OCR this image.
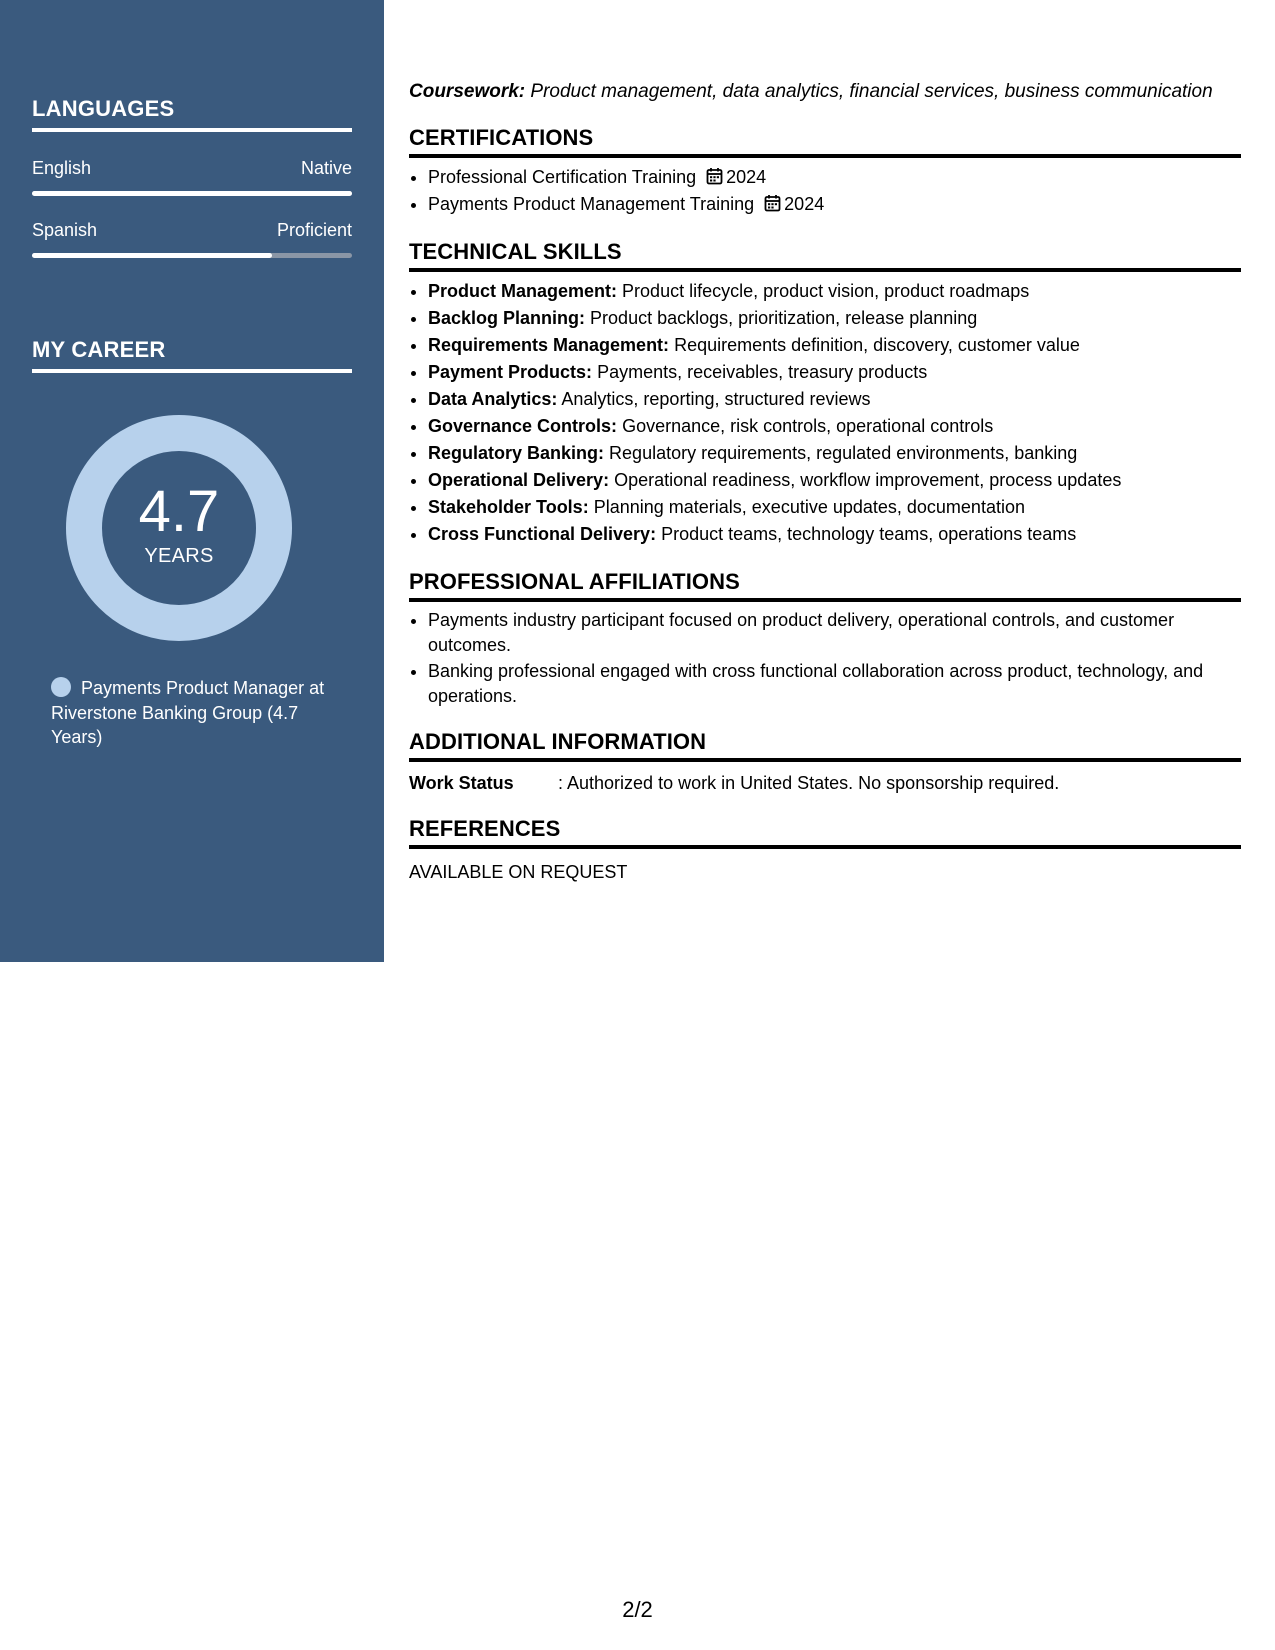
LANGUAGES
English	Native
Spanish	Proficient
MY CAREER
4.7
YEARS
Payments Product Manager at Riverstone Banking Group (4.7 Years)

Coursework: Product management, data analytics, financial services, business communication

CERTIFICATIONS
• Professional Certification Training 2024
• Payments Product Management Training 2024
TECHNICAL SKILLS
• Product Management: Product lifecycle, product vision, product roadmaps
• Backlog Planning: Product backlogs, prioritization, release planning
• Requirements Management: Requirements definition, discovery, customer value
• Payment Products: Payments, receivables, treasury products
• Data Analytics: Analytics, reporting, structured reviews
• Governance Controls: Governance, risk controls, operational controls
• Regulatory Banking: Regulatory requirements, regulated environments, banking
• Operational Delivery: Operational readiness, workflow improvement, process updates
• Stakeholder Tools: Planning materials, executive updates, documentation
• Cross Functional Delivery: Product teams, technology teams, operations teams
PROFESSIONAL AFFILIATIONS
• Payments industry participant focused on product delivery, operational controls, and customer outcomes.
• Banking professional engaged with cross functional collaboration across product, technology, and operations.
ADDITIONAL INFORMATION
Work Status	: Authorized to work in United States. No sponsorship required.
REFERENCES

AVAILABLE ON REQUEST

2/2
